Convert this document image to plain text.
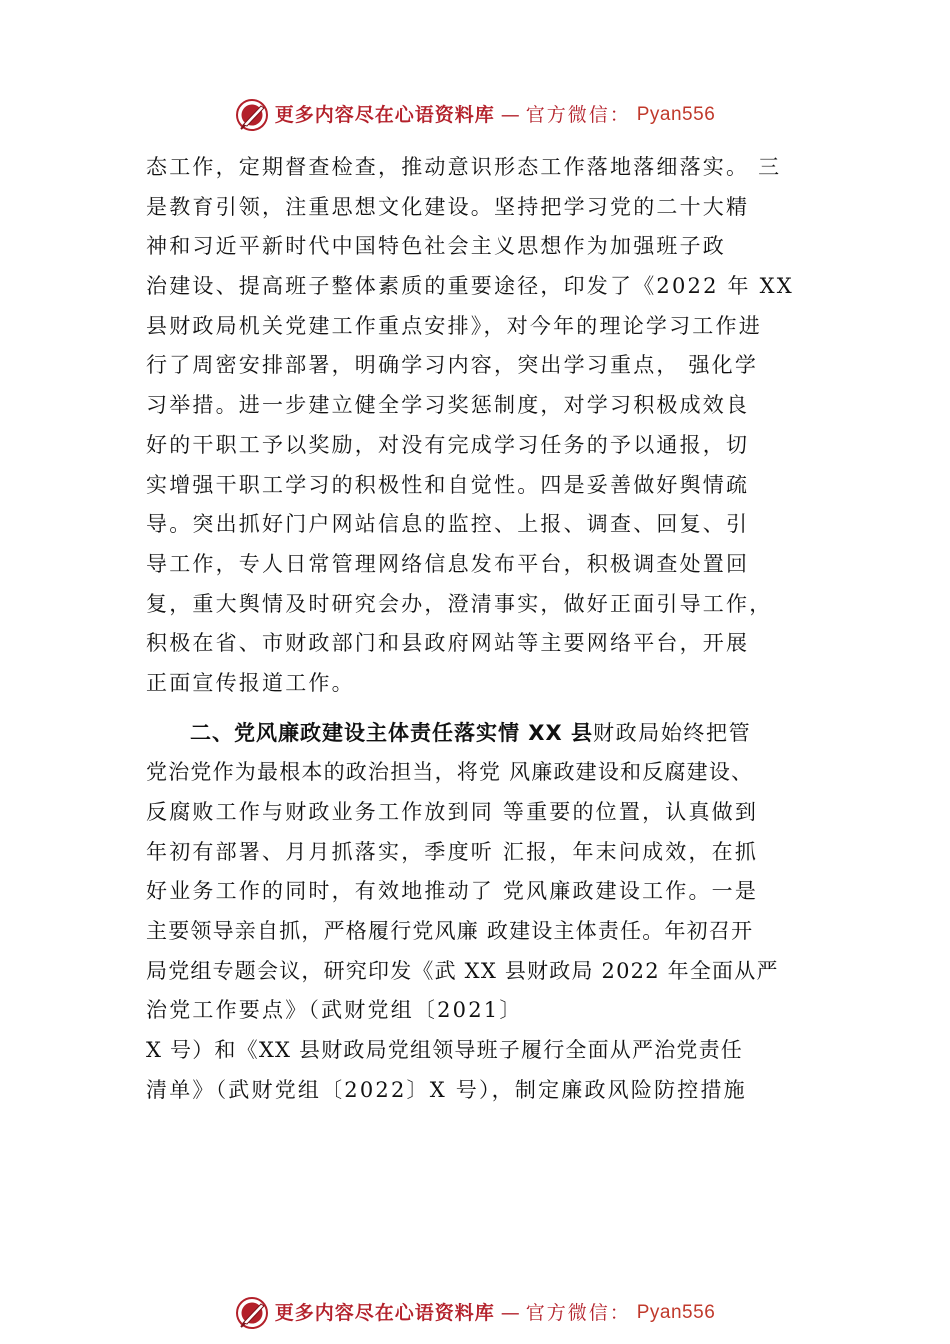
更多内容尽在心语资料库 — 官方微信： Pyan556
态工作，定期督查检查，推动意识形态工作落地落细落实。 三
是教育引领，注重思想文化建设。坚持把学习党的二十大精
神和习近平新时代中国特色社会主义思想作为加强班子政
治建设、提高班子整体素质的重要途径，印发了《2022 年 XX
县财政局机关党建工作重点安排》，对今年的理论学习工作进
行了周密安排部署，明确学习内容，突出学习重点， 强化学
习举措。进一步建立健全学习奖惩制度，对学习积极成效良
好的干职工予以奖励，对没有完成学习任务的予以通报，切
实增强干职工学习的积极性和自觉性。四是妥善做好舆情疏
导。突出抓好门户网站信息的监控、上报、调查、回复、引
导工作，专人日常管理网络信息发布平台，积极调查处置回
复，重大舆情及时研究会办，澄清事实，做好正面引导工作，
积极在省、市财政部门和县政府网站等主要网络平台，开展
正面宣传报道工作。
二、党风廉政建设主体责任落实情 XX 县财政局始终把管
党治党作为最根本的政治担当，将党 风廉政建设和反腐建设、
反腐败工作与财政业务工作放到同 等重要的位置，认真做到
年初有部署、月月抓落实，季度听 汇报，年末问成效，在抓
好业务工作的同时，有效地推动了 党风廉政建设工作。一是
主要领导亲自抓，严格履行党风廉 政建设主体责任。年初召开
局党组专题会议，研究印发《武 XX 县财政局 2022 年全面从严
治党工作要点》（武财党组〔2021〕
X 号）和《XX 县财政局党组领导班子履行全面从严治党责任
清单》（武财党组〔2022〕X 号），制定廉政风险防控措施
更多内容尽在心语资料库 — 官方微信： Pyan556
